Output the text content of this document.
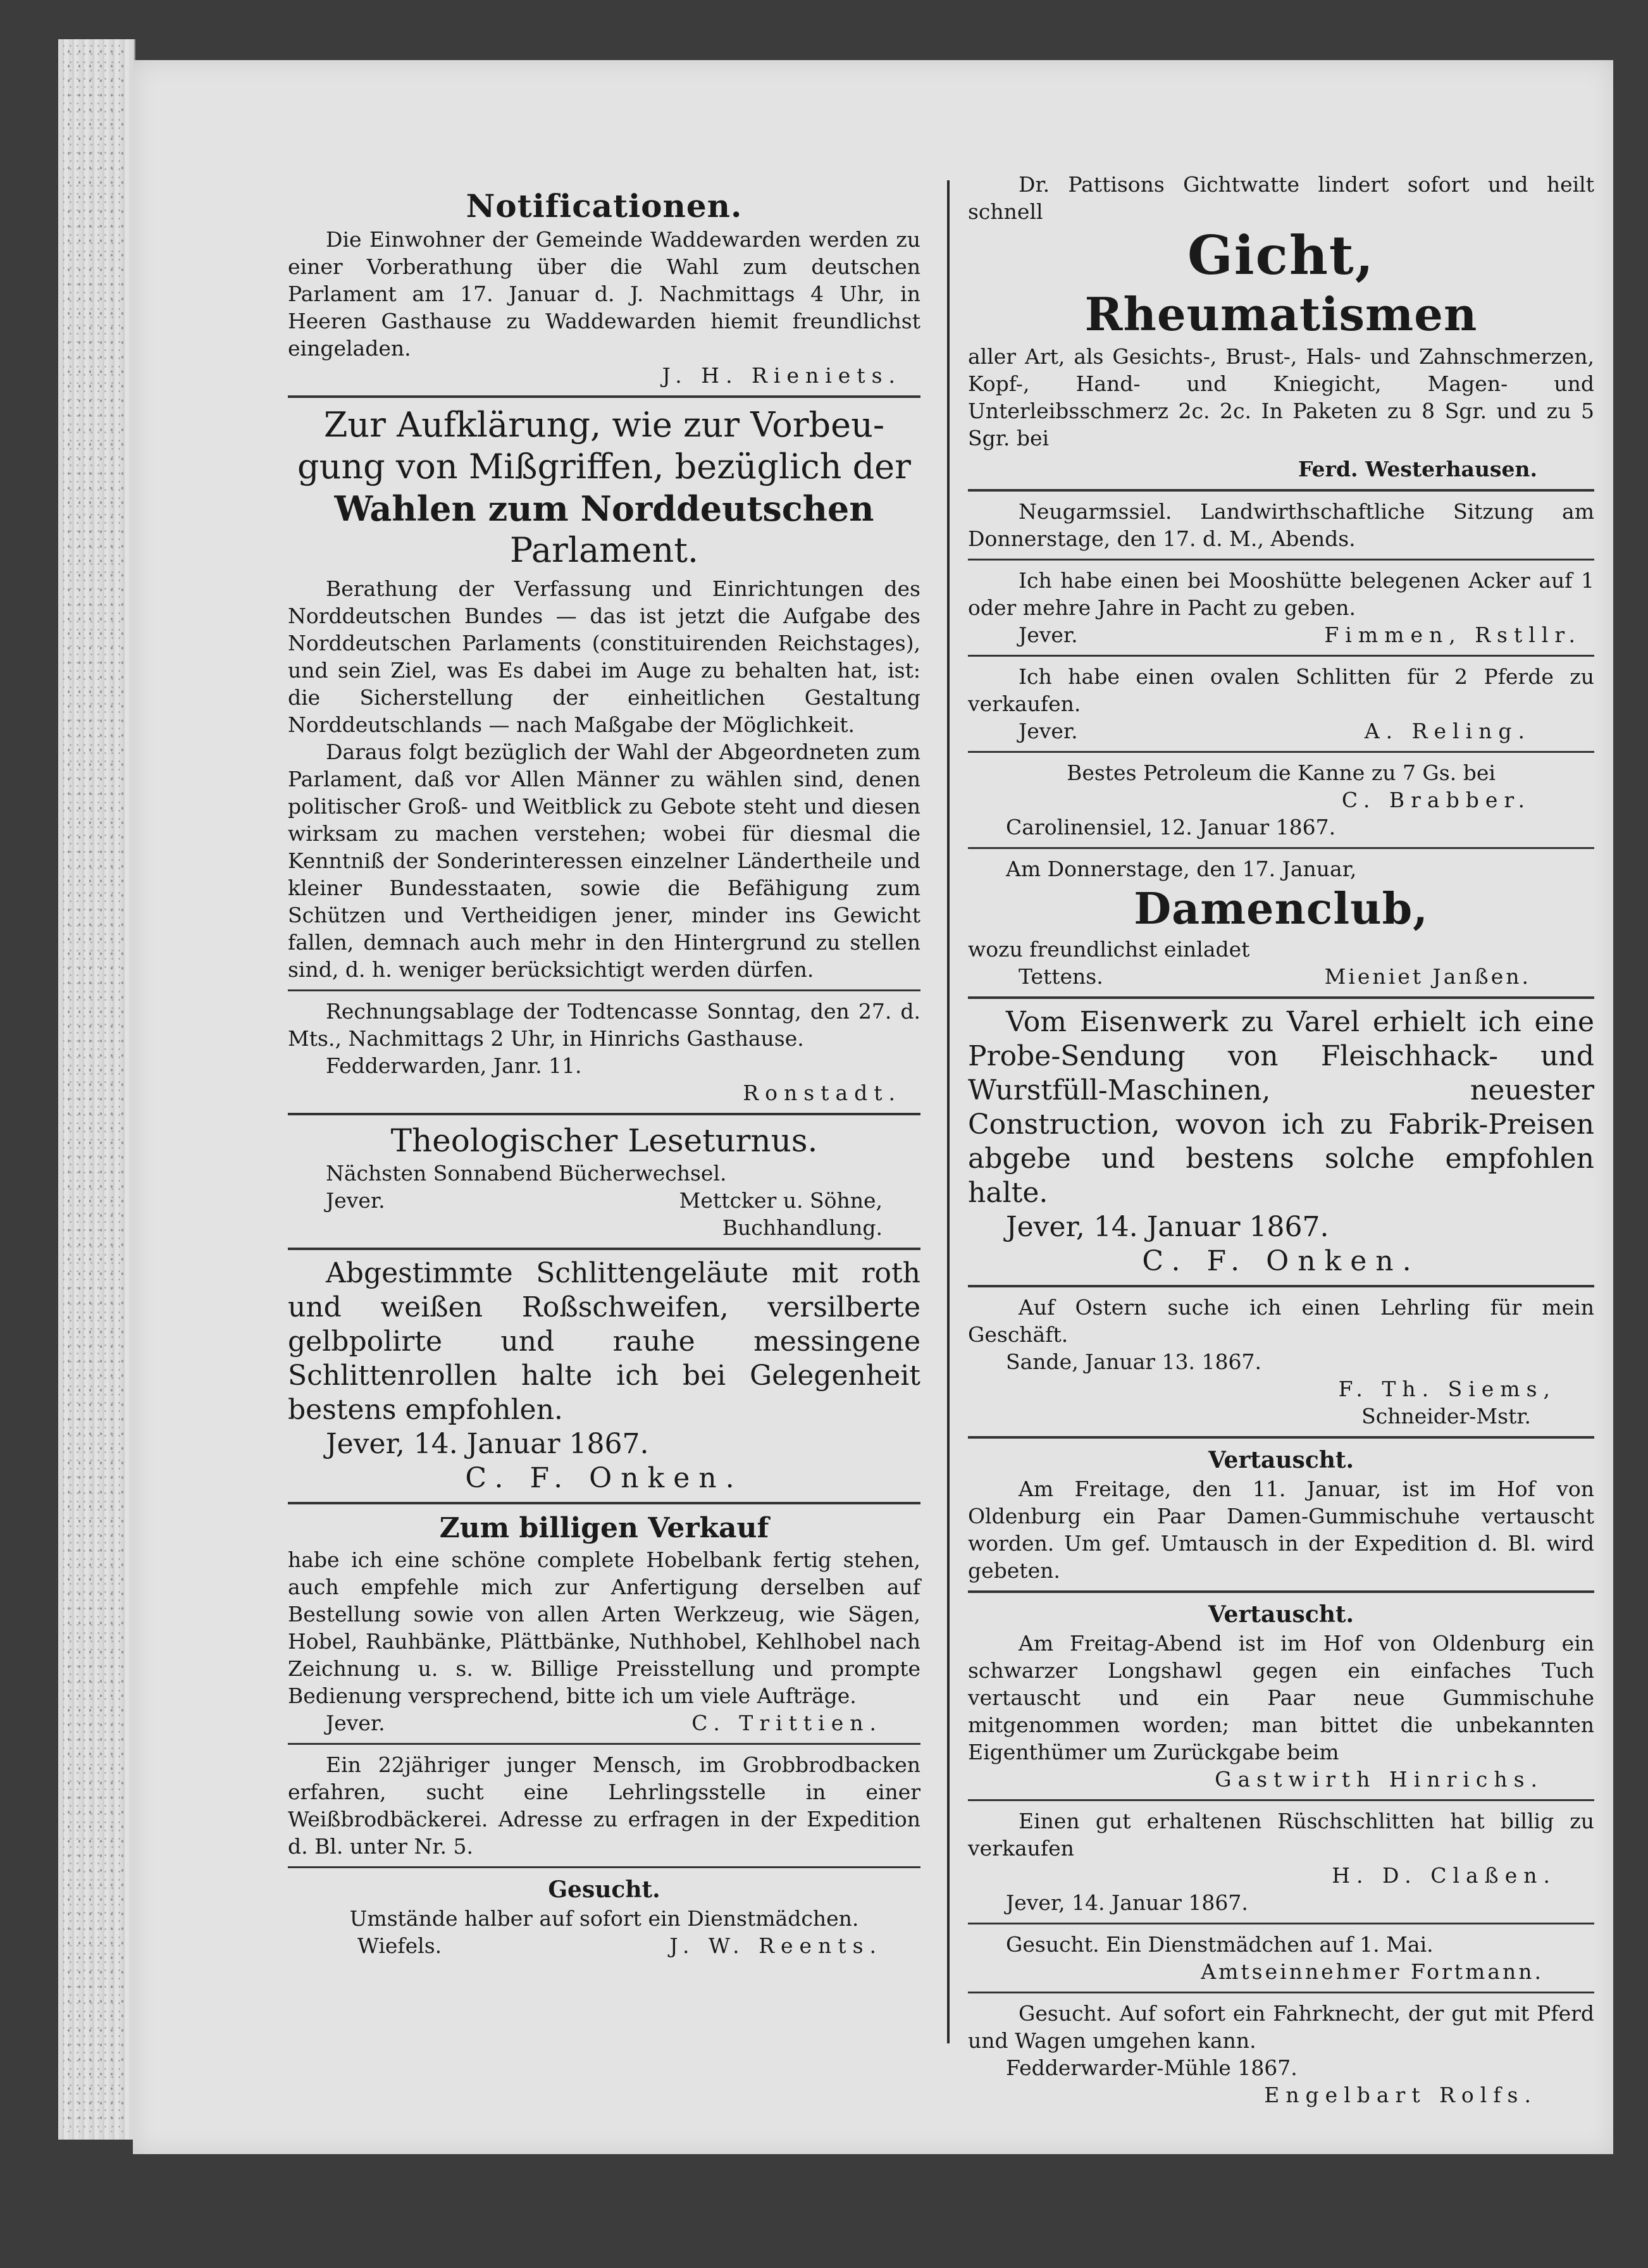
Notificationen.

Die Einwohner der Gemeinde Waddewarden werden zu einer Vorberathung über die Wahl zum deutschen Parlament am 17. Januar d. J. Nachmittags 4 Uhr, in Heeren Gasthause zu Waddewarden hiemit freundlichst eingeladen.

J. H. Rieniets.

Zur Aufklärung, wie zur Vorbeu-

gung von Mißgriffen, bezüglich der

Wahlen zum Norddeutschen

Parlament.

Berathung der Verfassung und Einrichtungen des Norddeutschen Bundes — das ist jetzt die Aufgabe des Norddeutschen Parlaments (constituirenden Reichstages), und sein Ziel, was Es dabei im Auge zu behalten hat, ist: die Sicherstellung der einheitlichen Gestaltung Norddeutschlands — nach Maßgabe der Möglichkeit.

Daraus folgt bezüglich der Wahl der Abgeordneten zum Parlament, daß vor Allen Männer zu wählen sind, denen politischer Groß- und Weitblick zu Gebote steht und diesen wirksam zu machen verstehen; wobei für diesmal die Kenntniß der Sonderinteressen einzelner Ländertheile und kleiner Bundesstaaten, sowie die Befähigung zum Schützen und Vertheidigen jener, minder ins Gewicht fallen, demnach auch mehr in den Hintergrund zu stellen sind, d. h. weniger berücksichtigt werden dürfen.

Rechnungsablage der Todtencasse Sonntag, den 27. d. Mts., Nachmittags 2 Uhr, in Hinrichs Gasthause.

Fedderwarden, Janr. 11.

Ronstadt.

Theologischer Leseturnus.

Nächsten Sonnabend Bücherwechsel.

Jever.	Mettcker u. Söhne,

Buchhandlung.

Abgestimmte Schlittengeläute mit roth und weißen Roßschweifen, versilberte gelbpolirte und rauhe messingene Schlittenrollen halte ich bei Gelegenheit bestens empfohlen.

Jever, 14. Januar 1867.

C. F. Onken.

Zum billigen Verkauf

habe ich eine schöne complete Hobelbank fertig stehen, auch empfehle mich zur Anfertigung derselben auf Bestellung sowie von allen Arten Werkzeug, wie Sägen, Hobel, Rauhbänke, Plättbänke, Nuthhobel, Kehlhobel nach Zeichnung u. s. w. Billige Preisstellung und prompte Bedienung versprechend, bitte ich um viele Aufträge.

Jever.	C. Trittien.

Ein 22jähriger junger Mensch, im Grobbrodbacken erfahren, sucht eine Lehrlingsstelle in einer Weißbrodbäckerei. Adresse zu erfragen in der Expedition d. Bl. unter Nr. 5.

Gesucht.

Umstände halber auf sofort ein Dienstmädchen.

Wiefels.	J. W. Reents.

Dr. Pattisons Gichtwatte lindert sofort und heilt schnell

Gicht,

Rheumatismen

aller Art, als Gesichts-, Brust-, Hals- und Zahnschmerzen, Kopf-, Hand- und Kniegicht, Magen- und Unterleibsschmerz 2c. 2c. In Paketen zu 8 Sgr. und zu 5 Sgr. bei

Ferd. Westerhausen.

Neugarmssiel. Landwirthschaftliche Sitzung am Donnerstage, den 17. d. M., Abends.

Ich habe einen bei Mooshütte belegenen Acker auf 1 oder mehre Jahre in Pacht zu geben.

Jever.	Fimmen, Rstllr.

Ich habe einen ovalen Schlitten für 2 Pferde zu verkaufen.

Jever.	A. Reling.

Bestes Petroleum die Kanne zu 7 Gs. bei

C. Brabber.

Carolinensiel, 12. Januar 1867.

Am Donnerstage, den 17. Januar,

Damenclub,

wozu freundlichst einladet

Tettens.	Mieniet Janßen.

Vom Eisenwerk zu Varel erhielt ich eine Probe-Sendung von Fleischhack- und Wurstfüll-Maschinen, neuester Construction, wovon ich zu Fabrik-Preisen abgebe und bestens solche empfohlen halte.

Jever, 14. Januar 1867.

C. F. Onken.

Auf Ostern suche ich einen Lehrling für mein Geschäft.

Sande, Januar 13. 1867.

F. Th. Siems,

Schneider-Mstr.

Vertauscht.

Am Freitage, den 11. Januar, ist im Hof von Oldenburg ein Paar Damen-Gummischuhe vertauscht worden. Um gef. Umtausch in der Expedition d. Bl. wird gebeten.

Vertauscht.

Am Freitag-Abend ist im Hof von Oldenburg ein schwarzer Longshawl gegen ein einfaches Tuch vertauscht und ein Paar neue Gummischuhe mitgenommen worden; man bittet die unbekannten Eigenthümer um Zurückgabe beim

Gastwirth Hinrichs.

Einen gut erhaltenen Rüschschlitten hat billig zu verkaufen

H. D. Claßen.

Jever, 14. Januar 1867.

Gesucht. Ein Dienstmädchen auf 1. Mai.

Amtseinnehmer Fortmann.

Gesucht. Auf sofort ein Fahrknecht, der gut mit Pferd und Wagen umgehen kann.

Fedderwarder-Mühle 1867.

Engelbart Rolfs.
